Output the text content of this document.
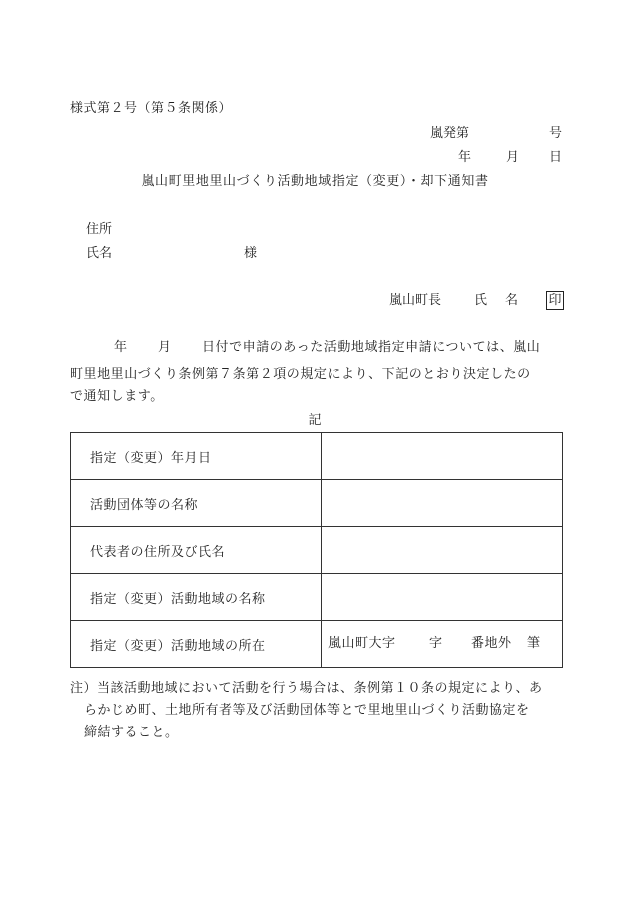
様式第２号（第５条関係）
嵐発第	号
年	月 日
嵐山町里地里山づくり活動地域指定（変更）・却下通知書
住所
氏名	様
嵐山町長	氏 名 印
年 月 日付で申請のあった活動地域指定申請については、嵐山
町里地里山づくり条例第７条第２項の規定により、下記のとおり決定したの
で通知します。
記
指定（変更）年月日	
活動団体等の名称	
代表者の住所及び氏名	
指定（変更）活動地域の名称	
指定（変更）活動地域の所在	嵐山町大字 字 番地外 筆
注）当該活動地域において活動を行う場合は、条例第１０条の規定により、あ
らかじめ町、土地所有者等及び活動団体等とで里地里山づくり活動協定を
締結すること。
